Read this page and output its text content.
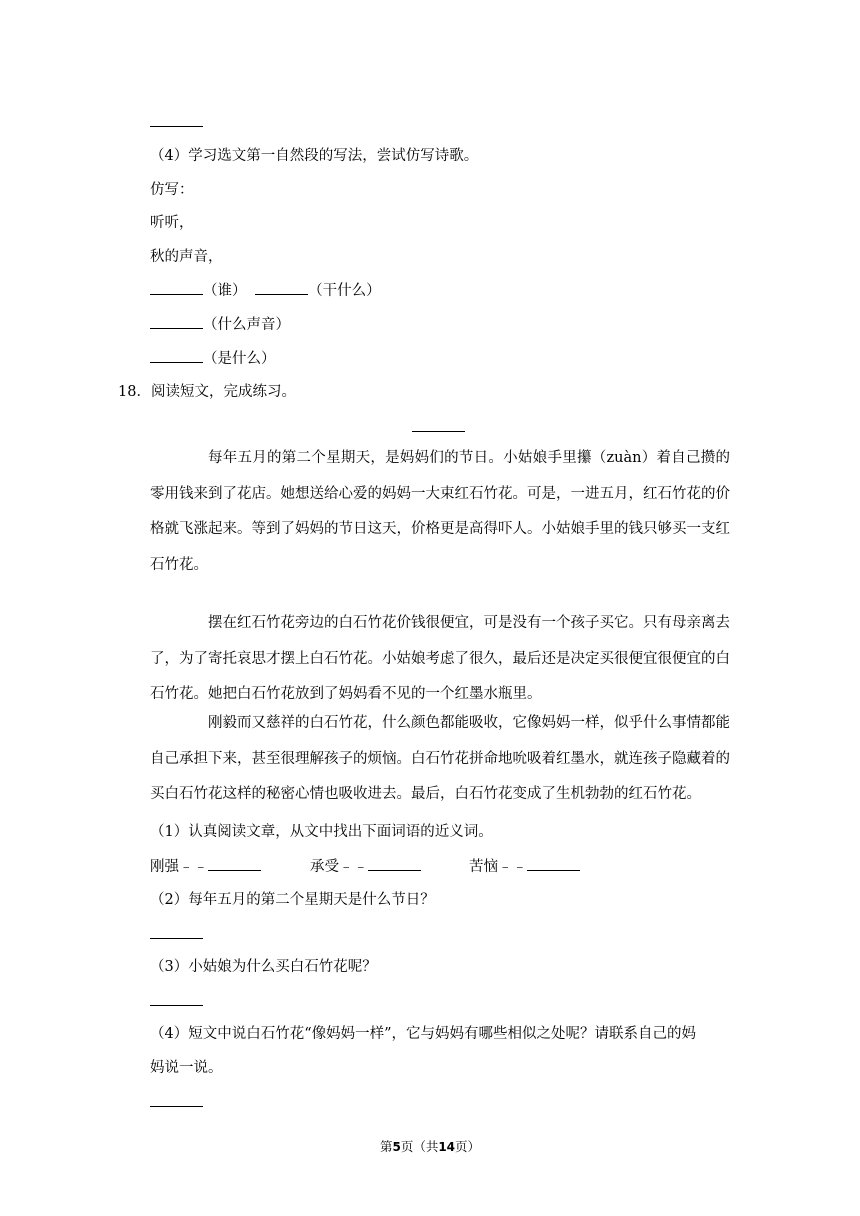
（4）学习选文第一自然段的写法，尝试仿写诗歌。
仿写：
听听，
秋的声音，
（谁）	（干什么）
（什么声音）
（是什么）
18．阅读短文，完成练习。
每年五月的第二个星期天，是妈妈们的节日。小姑娘手里攥（zuàn）着自己攒的零用钱来到了花店。她想送给心爱的妈妈一大束红石竹花。可是，一进五月，红石竹花的价格就飞涨起来。等到了妈妈的节日这天，价格更是高得吓人。小姑娘手里的钱只够买一支红石竹花。
摆在红石竹花旁边的白石竹花价钱很便宜，可是没有一个孩子买它。只有母亲离去了，为了寄托哀思才摆上白石竹花。小姑娘考虑了很久，最后还是决定买很便宜很便宜的白石竹花。她把白石竹花放到了妈妈看不见的一个红墨水瓶里。
刚毅而又慈祥的白石竹花，什么颜色都能吸收，它像妈妈一样，似乎什么事情都能自己承担下来，甚至很理解孩子的烦恼。白石竹花拼命地吮吸着红墨水，就连孩子隐藏着的买白石竹花这样的秘密心情也吸收进去。最后，白石竹花变成了生机勃勃的红石竹花。
（1）认真阅读文章，从文中找出下面词语的近义词。
刚强﹣﹣	承受﹣﹣	苦恼﹣﹣
（2）每年五月的第二个星期天是什么节日？
（3）小姑娘为什么买白石竹花呢？
（4）短文中说白石竹花“像妈妈一样”，它与妈妈有哪些相似之处呢？请联系自己的妈
妈说一说。
第5页（共14页）
